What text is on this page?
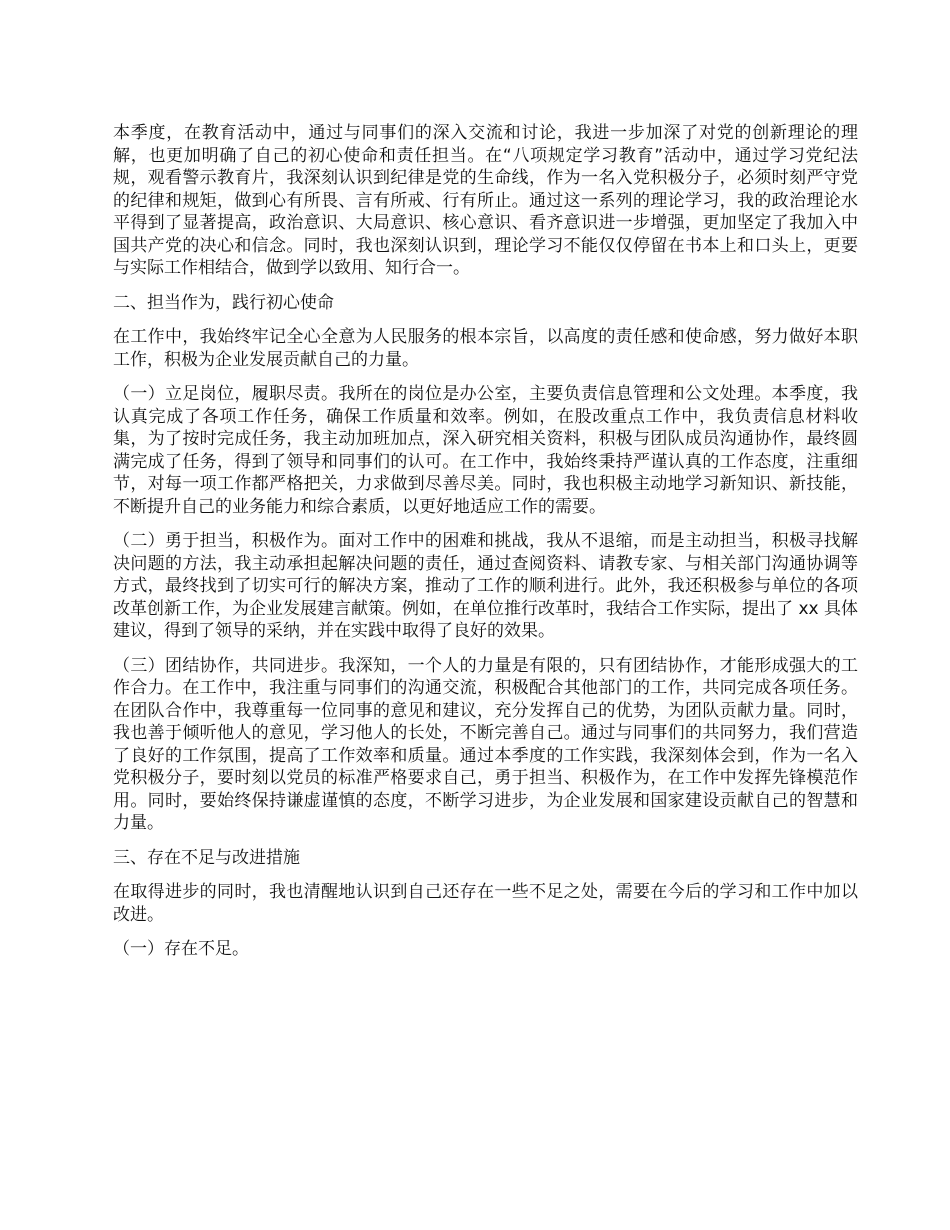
本季度，在教育活动中，通过与同事们的深入交流和讨论，我进一步加深了对党的创新理论的理解，也更加明确了自己的初心使命和责任担当。在“八项规定学习教育”活动中，通过学习党纪法规，观看警示教育片，我深刻认识到纪律是党的生命线，作为一名入党积极分子，必须时刻严守党的纪律和规矩，做到心有所畏、言有所戒、行有所止。通过这一系列的理论学习，我的政治理论水平得到了显著提高，政治意识、大局意识、核心意识、看齐意识进一步增强，更加坚定了我加入中国共产党的决心和信念。同时，我也深刻认识到，理论学习不能仅仅停留在书本上和口头上，更要与实际工作相结合，做到学以致用、知行合一。

二、担当作为，践行初心使命

在工作中，我始终牢记全心全意为人民服务的根本宗旨，以高度的责任感和使命感，努力做好本职工作，积极为企业发展贡献自己的力量。

（一）立足岗位，履职尽责。我所在的岗位是办公室，主要负责信息管理和公文处理。本季度，我认真完成了各项工作任务，确保工作质量和效率。例如，在股改重点工作中，我负责信息材料收集，为了按时完成任务，我主动加班加点，深入研究相关资料，积极与团队成员沟通协作，最终圆满完成了任务，得到了领导和同事们的认可。在工作中，我始终秉持严谨认真的工作态度，注重细节，对每一项工作都严格把关，力求做到尽善尽美。同时，我也积极主动地学习新知识、新技能，不断提升自己的业务能力和综合素质，以更好地适应工作的需要。

（二）勇于担当，积极作为。面对工作中的困难和挑战，我从不退缩，而是主动担当，积极寻找解决问题的方法，我主动承担起解决问题的责任，通过查阅资料、请教专家、与相关部门沟通协调等方式，最终找到了切实可行的解决方案，推动了工作的顺利进行。此外，我还积极参与单位的各项改革创新工作，为企业发展建言献策。例如，在单位推行改革时，我结合工作实际，提出了 xx 具体建议，得到了领导的采纳，并在实践中取得了良好的效果。

（三）团结协作，共同进步。我深知，一个人的力量是有限的，只有团结协作，才能形成强大的工作合力。在工作中，我注重与同事们的沟通交流，积极配合其他部门的工作，共同完成各项任务。在团队合作中，我尊重每一位同事的意见和建议，充分发挥自己的优势，为团队贡献力量。同时，我也善于倾听他人的意见，学习他人的长处，不断完善自己。通过与同事们的共同努力，我们营造了良好的工作氛围，提高了工作效率和质量。通过本季度的工作实践，我深刻体会到，作为一名入党积极分子，要时刻以党员的标准严格要求自己，勇于担当、积极作为，在工作中发挥先锋模范作用。同时，要始终保持谦虚谨慎的态度，不断学习进步，为企业发展和国家建设贡献自己的智慧和力量。

三、存在不足与改进措施

在取得进步的同时，我也清醒地认识到自己还存在一些不足之处，需要在今后的学习和工作中加以改进。

（一）存在不足。
